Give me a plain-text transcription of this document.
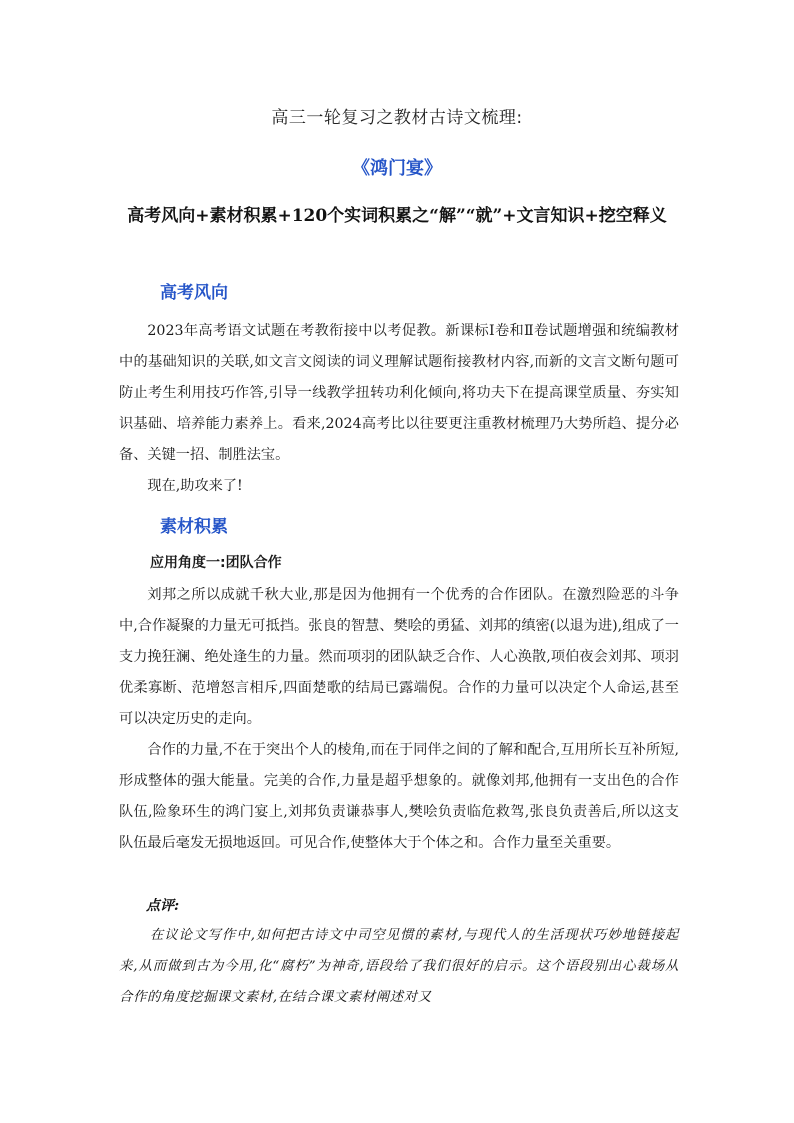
高三一轮复习之教材古诗文梳理:
《鸿门宴》
高考风向+素材积累+120个实词积累之“解”“就”+文言知识+挖空释义
高考风向

2023年高考语文试题在考教衔接中以考促教。新课标Ⅰ卷和Ⅱ卷试题增强和统编教材中的基础知识的关联,如文言文阅读的词义理解试题衔接教材内容,而新的文言文断句题可防止考生利用技巧作答,引导一线教学扭转功利化倾向,将功夫下在提高课堂质量、夯实知识基础、培养能力素养上。看来,2024高考比以往要更注重教材梳理乃大势所趋、提分必备、关键一招、制胜法宝。

现在,助攻来了!

素材积累
应用角度一:团队合作

刘邦之所以成就千秋大业,那是因为他拥有一个优秀的合作团队。在激烈险恶的斗争中,合作凝聚的力量无可抵挡。张良的智慧、樊哙的勇猛、刘邦的缜密(以退为进),组成了一支力挽狂澜、绝处逢生的力量。然而项羽的团队缺乏合作、人心涣散,项伯夜会刘邦、项羽优柔寡断、范增怒言相斥,四面楚歌的结局已露端倪。合作的力量可以决定个人命运,甚至可以决定历史的走向。

合作的力量,不在于突出个人的棱角,而在于同伴之间的了解和配合,互用所长互补所短,形成整体的强大能量。完美的合作,力量是超乎想象的。就像刘邦,他拥有一支出色的合作队伍,险象环生的鸿门宴上,刘邦负责谦恭事人,樊哙负责临危救驾,张良负责善后,所以这支队伍最后毫发无损地返回。可见合作,使整体大于个体之和。合作力量至关重要。

点评:

在议论文写作中,如何把古诗文中司空见惯的素材,与现代人的生活现状巧妙地链接起来,从而做到古为今用,化“腐朽”为神奇,语段给了我们很好的启示。这个语段别出心裁场从合作的角度挖掘课文素材,在结合课文素材阐述对又
